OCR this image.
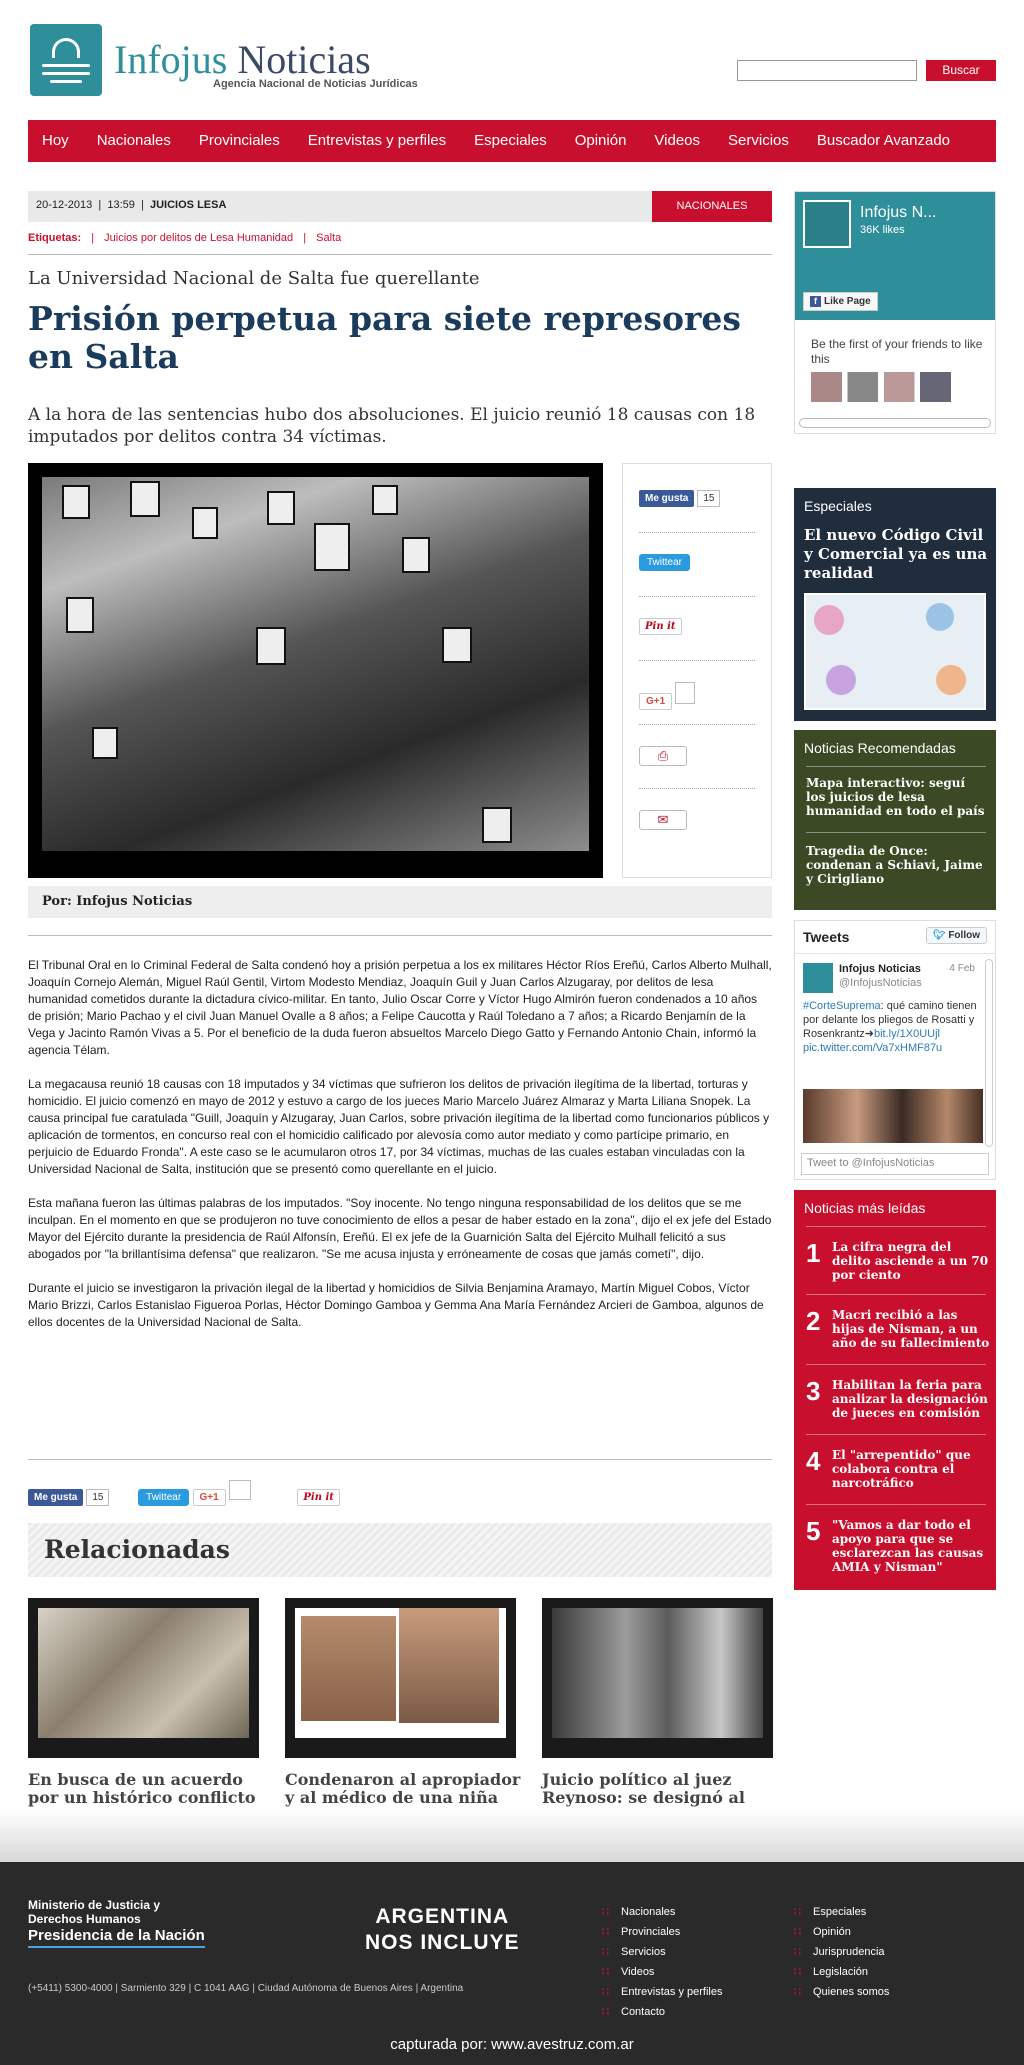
Infojus Noticias
Agencia Nacional de Noticias Jurídicas
Buscar
Hoy	Nacionales	Provinciales	Entrevistas y perfiles	Especiales	Opinión	Videos	Servicios	Buscador Avanzado
20-12-2013  |  13:59  |  JUICIOS LESA	NACIONALES
Etiquetas: | Juicios por delitos de Lesa Humanidad | Salta
La Universidad Nacional de Salta fue querellante
Prisión perpetua para siete represores en Salta
A la hora de las sentencias hubo dos absoluciones. El juicio reunió 18 causas con 18 imputados por delitos contra 34 víctimas.
Me gusta 15
Twittear
Pin it
G+1
⎙
✉
Por: Infojus Noticias

El Tribunal Oral en lo Criminal Federal de Salta condenó hoy a prisión perpetua a los ex militares Héctor Ríos Ereñú, Carlos Alberto Mulhall, Joaquín Cornejo Alemán, Miguel Raúl Gentil, Virtom Modesto Mendiaz, Joaquín Guil y Juan Carlos Alzugaray, por delitos de lesa humanidad cometidos durante la dictadura cívico-militar. En tanto, Julio Oscar Corre y Víctor Hugo Almirón fueron condenados a 10 años de prisión; Mario Pachao y el civil Juan Manuel Ovalle a 8 años; a Felipe Caucotta y Raúl Toledano a 7 años; a Ricardo Benjamín de la Vega y Jacinto Ramón Vivas a 5. Por el beneficio de la duda fueron absueltos Marcelo Diego Gatto y Fernando Antonio Chain, informó la agencia Télam.

La megacausa reunió 18 causas con 18 imputados y 34 víctimas que sufrieron los delitos de privación ilegítima de la libertad, torturas y homicidio. El juicio comenzó en mayo de 2012 y estuvo a cargo de los jueces Mario Marcelo Juárez Almaraz y Marta Liliana Snopek. La causa principal fue caratulada "Guill, Joaquín y Alzugaray, Juan Carlos, sobre privación ilegítima de la libertad como funcionarios públicos y aplicación de tormentos, en concurso real con el homicidio calificado por alevosía como autor mediato y como partícipe primario, en perjuicio de Eduardo Fronda". A este caso se le acumularon otros 17, por 34 víctimas, muchas de las cuales estaban vinculadas con la Universidad Nacional de Salta, institución que se presentó como querellante en el juicio.

Esta mañana fueron las últimas palabras de los imputados. "Soy inocente. No tengo ninguna responsabilidad de los delitos que se me inculpan. En el momento en que se produjeron no tuve conocimiento de ellos a pesar de haber estado en la zona", dijo el ex jefe del Estado Mayor del Ejército durante la presidencia de Raúl Alfonsín, Ereñú. El ex jefe de la Guarnición Salta del Ejército Mulhall felicitó a sus abogados por "la brillantísima defensa" que realizaron. "Se me acusa injusta y erróneamente de cosas que jamás cometí", dijo.

Durante el juicio se investigaron la privación ilegal de la libertad y homicidios de Silvia Benjamina Aramayo, Martín Miguel Cobos, Víctor Mario Brizzi, Carlos Estanislao Figueroa Porlas, Héctor Domingo Gamboa y Gemma Ana María Fernández Arcieri de Gamboa, algunos de ellos docentes de la Universidad Nacional de Salta.

Me gusta 15	Twittear G+1	Pin it
Relacionadas
En busca de un acuerdo por un histórico conflicto
Condenaron al apropiador y al médico de una niña
Juicio político al juez Reynoso: se designó al
Infojus N...
36K likes
f Like Page
Be the first of your friends to like this
Especiales
El nuevo Código Civil y Comercial ya es una realidad
Noticias Recomendadas
Mapa interactivo: seguí los juicios de lesa humanidad en todo el país
Tragedia de Once: condenan a Schiavi, Jaime y Cirigliano
Tweets	🐦︎ Follow
Infojus Noticias
@InfojusNoticias
4 Feb
#CorteSuprema: qué camino tienen por delante los pliegos de Rosatti y Rosenkrantz➜bit.ly/1X0UUjl pic.twitter.com/Va7xHMF87u
Tweet to @InfojusNoticias
Noticias más leídas
1 La cifra negra del delito asciende a un 70 por ciento
2 Macri recibió a las hijas de Nisman, a un año de su fallecimiento
3 Habilitan la feria para analizar la designación de jueces en comisión
4 El "arrepentido" que colabora contra el narcotráfico
5 "Vamos a dar todo el apoyo para que se esclarezcan las causas AMIA y Nisman"
Ministerio de Justicia y Derechos Humanos
Presidencia de la Nación
ARGENTINA
NOS INCLUYE
(+5411) 5300-4000 | Sarmiento 329 | C 1041 AAG | Ciudad Autónoma de Buenos Aires | Argentina
∷ Nacionales
∷ Provinciales
∷ Servicios
∷ Videos
∷ Entrevistas y perfiles
∷ Contacto
∷ Especiales
∷ Opinión
∷ Jurisprudencia
∷ Legislación
∷ Quienes somos
capturada por: www.avestruz.com.ar
